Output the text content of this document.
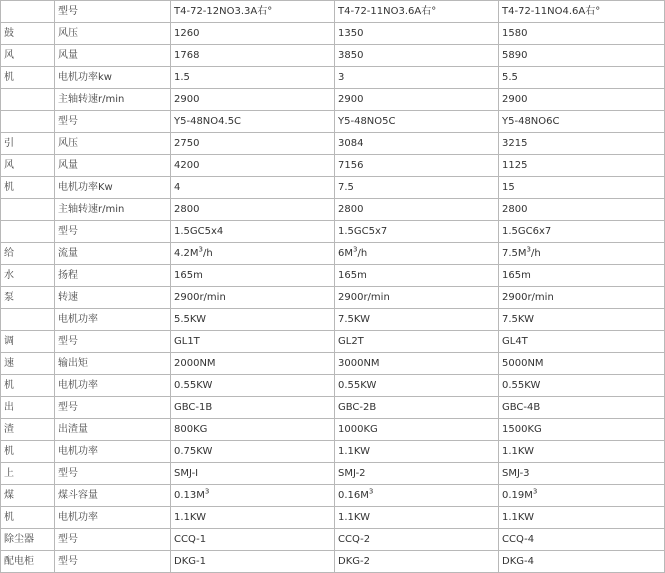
	型号	T4-72-12NO3.3A右°	T4-72-11NO3.6A右°	T4-72-11NO4.6A右°
鼓	风压	1260	1350	1580
风	风量	1768	3850	5890
机	电机功率kw	1.5	3	5.5
	主轴转速r/min	2900	2900	2900
	型号	Y5-48NO4.5C	Y5-48NO5C	Y5-48NO6C
引	风压	2750	3084	3215
风	风量	4200	7156	1125
机	电机功率Kw	4	7.5	15
	主轴转速r/min	2800	2800	2800
	型号	1.5GC5x4	1.5GC5x7	1.5GC6x7
给	流量	$4.2M^3/h$	$6M^3/h$	$7.5M^3/h$
水	扬程	165m	165m	165m
泵	转速	2900r/min	2900r/min	2900r/min
	电机功率	5.5KW	7.5KW	7.5KW
调	型号	GL1T	GL2T	GL4T
速	输出矩	2000NM	3000NM	5000NM
机	电机功率	0.55KW	0.55KW	0.55KW
出	型号	GBC-1B	GBC-2B	GBC-4B
渣	出渣量	800KG	1000KG	1500KG
机	电机功率	0.75KW	1.1KW	1.1KW
上	型号	SMJ-I	SMJ-2	SMJ-3
煤	煤斗容量	$0.13M^3$	$0.16M^3$	$0.19M^3$
机	电机功率	1.1KW	1.1KW	1.1KW
除尘器	型号	CCQ-1	CCQ-2	CCQ-4
配电柜	型号	DKG-1	DKG-2	DKG-4
